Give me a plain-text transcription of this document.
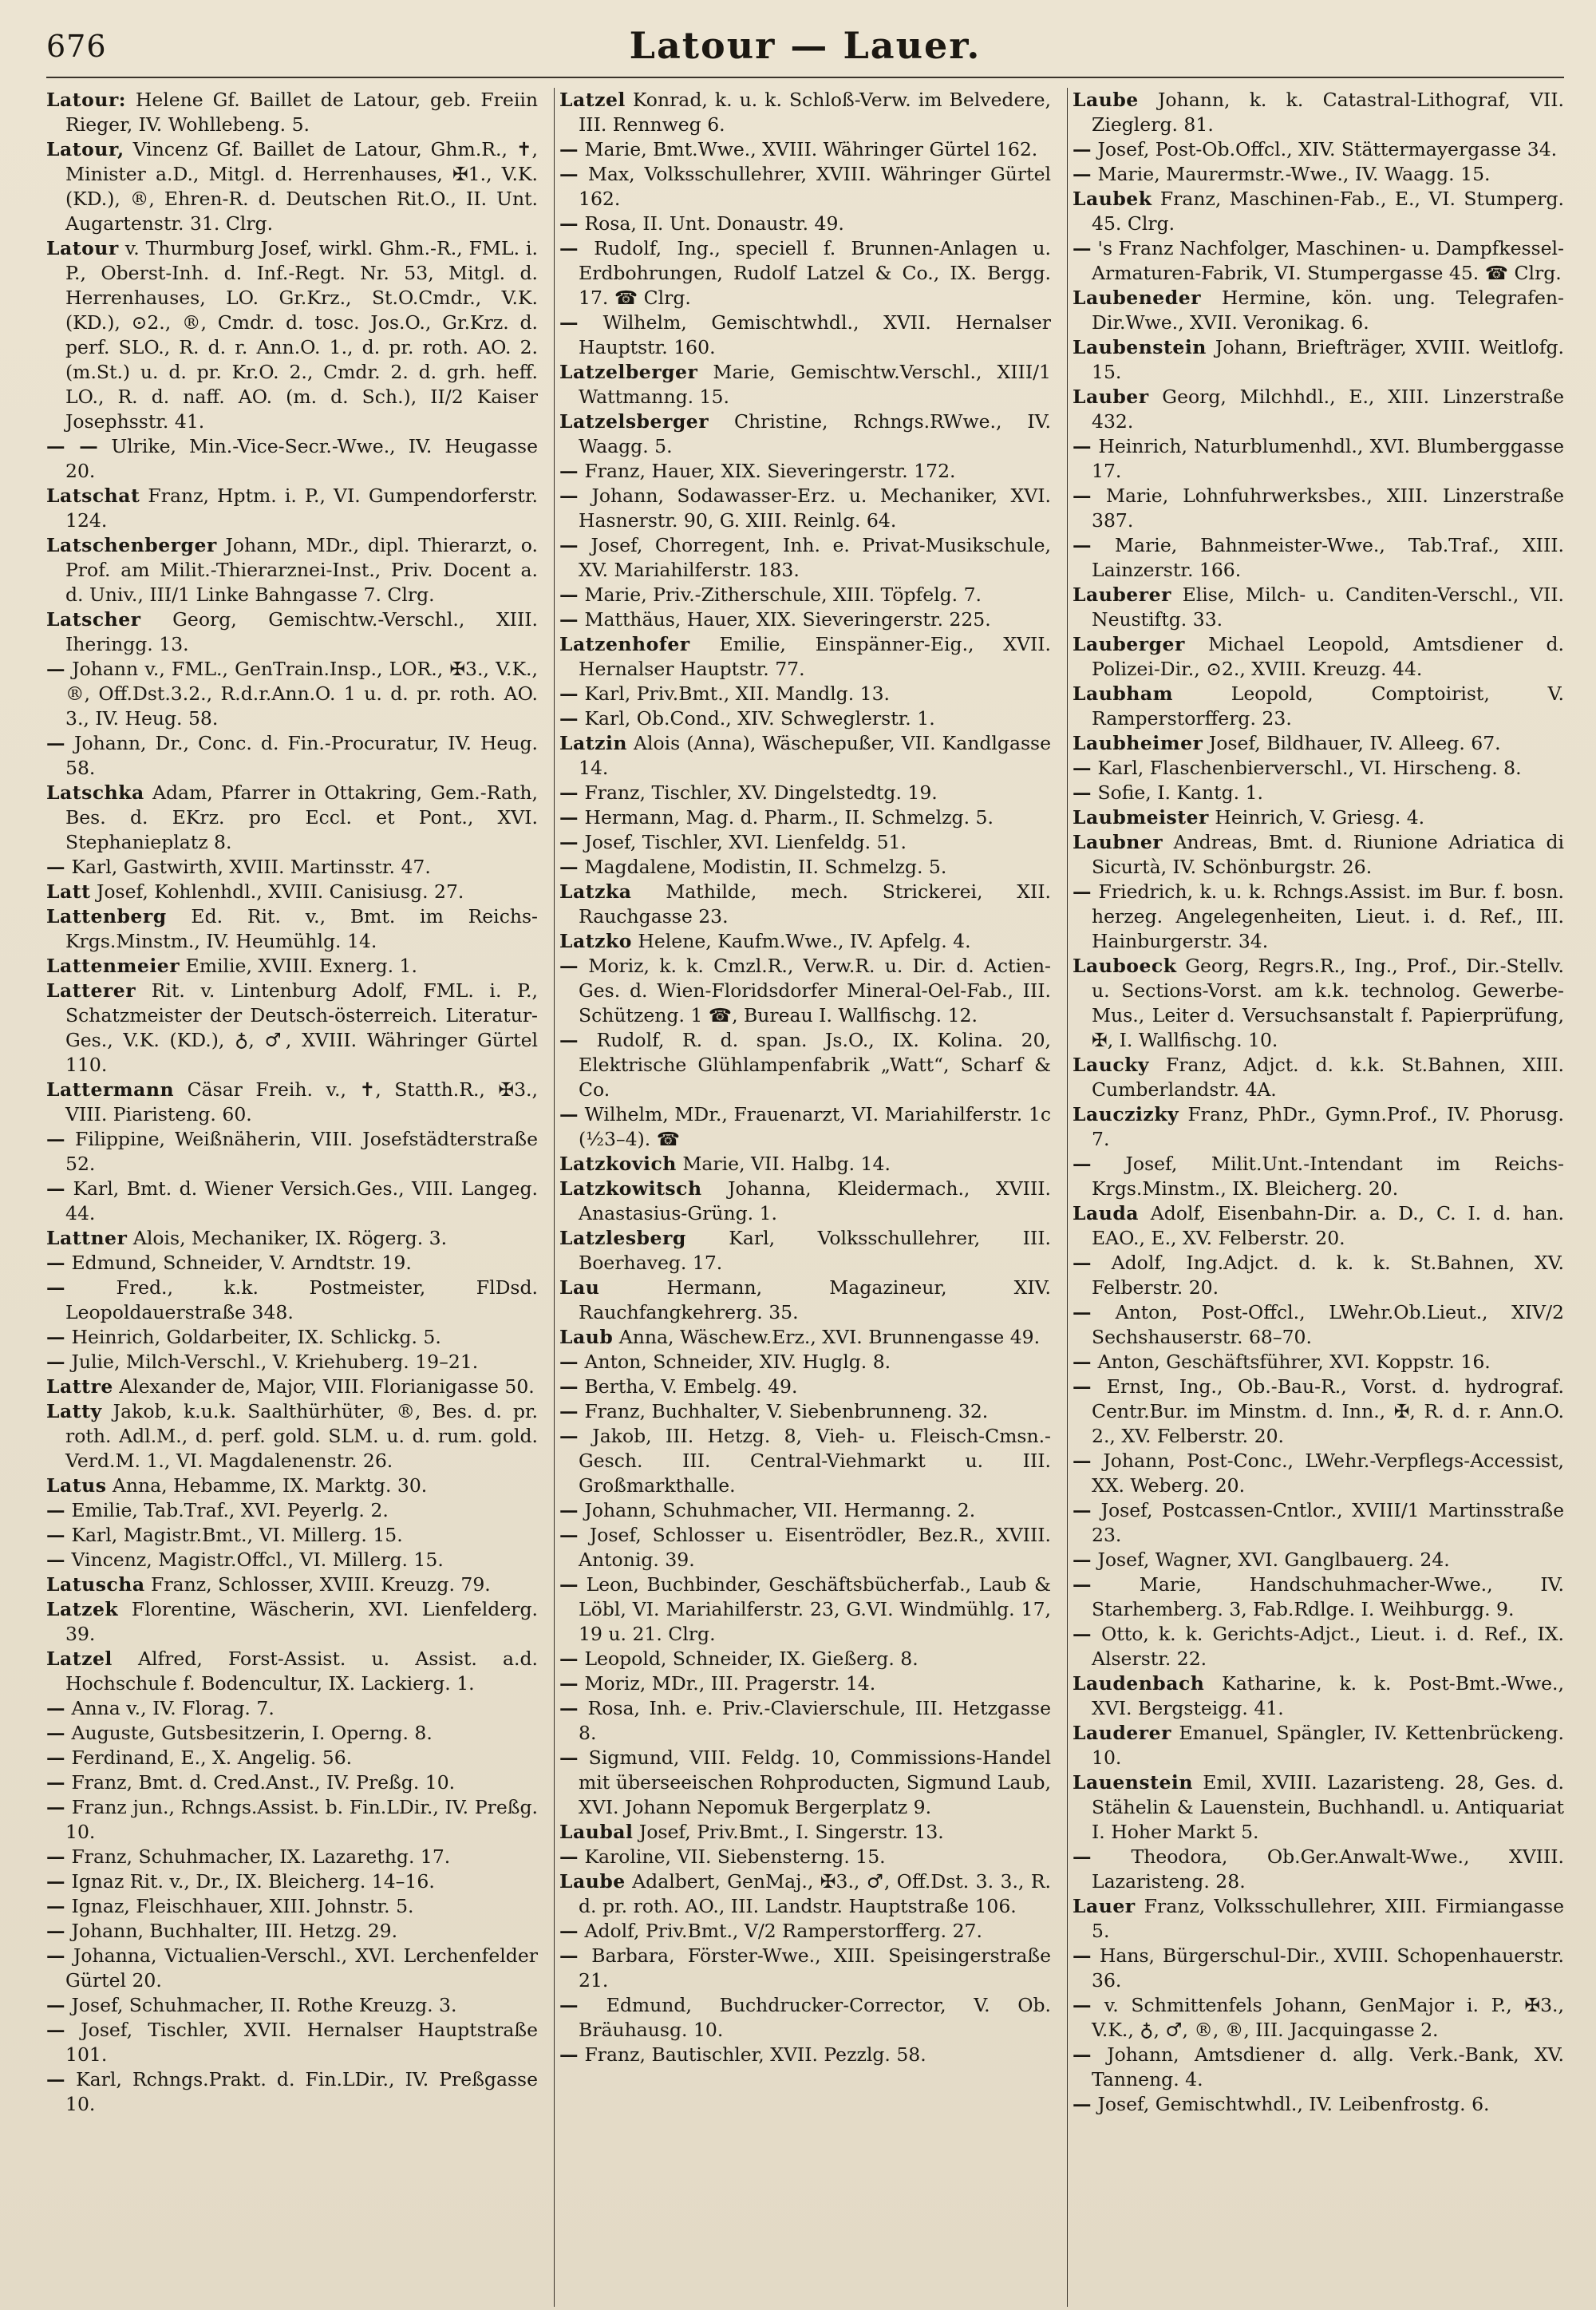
676	Latour — Lauer.

Latour: Helene Gf. Baillet de Latour, geb. Freiin Rieger, IV. Wohllebeng. 5.

Latour, Vincenz Gf. Baillet de Latour, Ghm.R., ✝, Minister a.D., Mitgl. d. Herrenhauses, ✠1., V.K. (KD.), ®, Ehren-R. d. Deutschen Rit.O., II. Unt. Augartenstr. 31. Clrg.

Latour v. Thurmburg Josef, wirkl. Ghm.-R., FML. i. P., Oberst-Inh. d. Inf.-Regt. Nr. 53, Mitgl. d. Herrenhauses, LO. Gr.Krz., St.O.Cmdr., V.K. (KD.), ⊙2., ®, Cmdr. d. tosc. Jos.O., Gr.Krz. d. perf. SLO., R. d. r. Ann.O. 1., d. pr. roth. AO. 2. (m.St.) u. d. pr. Kr.O. 2., Cmdr. 2. d. grh. heff. LO., R. d. naff. AO. (m. d. Sch.), II/2 Kaiser Josephsstr. 41.

— — Ulrike, Min.-Vice-Secr.-Wwe., IV. Heugasse 20.

Latschat Franz, Hptm. i. P., VI. Gumpendorferstr. 124.

Latschenberger Johann, MDr., dipl. Thierarzt, o. Prof. am Milit.-Thierarznei-Inst., Priv. Docent a. d. Univ., III/1 Linke Bahngasse 7. Clrg.

Latscher Georg, Gemischtw.-Verschl., XIII. Iheringg. 13.

— Johann v., FML., GenTrain.Insp., LOR., ✠3., V.K., ®, Off.Dst.3.2., R.d.r.Ann.O. 1 u. d. pr. roth. AO. 3., IV. Heug. 58.

— Johann, Dr., Conc. d. Fin.-Procuratur, IV. Heug. 58.

Latschka Adam, Pfarrer in Ottakring, Gem.-Rath, Bes. d. EKrz. pro Eccl. et Pont., XVI. Stephanieplatz 8.

— Karl, Gastwirth, XVIII. Martinsstr. 47.

Latt Josef, Kohlenhdl., XVIII. Canisiusg. 27.

Lattenberg Ed. Rit. v., Bmt. im Reichs-Krgs.Minstm., IV. Heumühlg. 14.

Lattenmeier Emilie, XVIII. Exnerg. 1.

Latterer Rit. v. Lintenburg Adolf, FML. i. P., Schatzmeister der Deutsch-österreich. Literatur-Ges., V.K. (KD.), ♁, ♂, XVIII. Währinger Gürtel 110.

Lattermann Cäsar Freih. v., ✝, Statth.R., ✠3., VIII. Piaristeng. 60.

— Filippine, Weißnäherin, VIII. Josefstädterstraße 52.

— Karl, Bmt. d. Wiener Versich.Ges., VIII. Langeg. 44.

Lattner Alois, Mechaniker, IX. Rögerg. 3.

— Edmund, Schneider, V. Arndtstr. 19.

— Fred., k.k. Postmeister, FlDsd. Leopoldauerstraße 348.

— Heinrich, Goldarbeiter, IX. Schlickg. 5.

— Julie, Milch-Verschl., V. Kriehuberg. 19–21.

Lattre Alexander de, Major, VIII. Florianigasse 50.

Latty Jakob, k.u.k. Saalthürhüter, ®, Bes. d. pr. roth. Adl.M., d. perf. gold. SLM. u. d. rum. gold. Verd.M. 1., VI. Magdalenenstr. 26.

Latus Anna, Hebamme, IX. Marktg. 30.

— Emilie, Tab.Traf., XVI. Peyerlg. 2.

— Karl, Magistr.Bmt., VI. Millerg. 15.

— Vincenz, Magistr.Offcl., VI. Millerg. 15.

Latuscha Franz, Schlosser, XVIII. Kreuzg. 79.

Latzek Florentine, Wäscherin, XVI. Lienfelderg. 39.

Latzel Alfred, Forst-Assist. u. Assist. a.d. Hochschule f. Bodencultur, IX. Lackierg. 1.

— Anna v., IV. Florag. 7.

— Auguste, Gutsbesitzerin, I. Operng. 8.

— Ferdinand, E., X. Angelig. 56.

— Franz, Bmt. d. Cred.Anst., IV. Preßg. 10.

— Franz jun., Rchngs.Assist. b. Fin.LDir., IV. Preßg. 10.

— Franz, Schuhmacher, IX. Lazarethg. 17.

— Ignaz Rit. v., Dr., IX. Bleicherg. 14–16.

— Ignaz, Fleischhauer, XIII. Johnstr. 5.

— Johann, Buchhalter, III. Hetzg. 29.

— Johanna, Victualien-Verschl., XVI. Lerchenfelder Gürtel 20.

— Josef, Schuhmacher, II. Rothe Kreuzg. 3.

— Josef, Tischler, XVII. Hernalser Hauptstraße 101.

— Karl, Rchngs.Prakt. d. Fin.LDir., IV. Preßgasse 10.

Latzel Konrad, k. u. k. Schloß-Verw. im Belvedere, III. Rennweg 6.

— Marie, Bmt.Wwe., XVIII. Währinger Gürtel 162.

— Max, Volksschullehrer, XVIII. Währinger Gürtel 162.

— Rosa, II. Unt. Donaustr. 49.

— Rudolf, Ing., speciell f. Brunnen-Anlagen u. Erdbohrungen, Rudolf Latzel & Co., IX. Bergg. 17. ☎ Clrg.

— Wilhelm, Gemischtwhdl., XVII. Hernalser Hauptstr. 160.

Latzelberger Marie, Gemischtw.Verschl., XIII/1 Wattmanng. 15.

Latzelsberger Christine, Rchngs.RWwe., IV. Waagg. 5.

— Franz, Hauer, XIX. Sieveringerstr. 172.

— Johann, Sodawasser-Erz. u. Mechaniker, XVI. Hasnerstr. 90, G. XIII. Reinlg. 64.

— Josef, Chorregent, Inh. e. Privat-Musikschule, XV. Mariahilferstr. 183.

— Marie, Priv.-Zitherschule, XIII. Töpfelg. 7.

— Matthäus, Hauer, XIX. Sieveringerstr. 225.

Latzenhofer Emilie, Einspänner-Eig., XVII. Hernalser Hauptstr. 77.

— Karl, Priv.Bmt., XII. Mandlg. 13.

— Karl, Ob.Cond., XIV. Schweglerstr. 1.

Latzin Alois (Anna), Wäschepußer, VII. Kandlgasse 14.

— Franz, Tischler, XV. Dingelstedtg. 19.

— Hermann, Mag. d. Pharm., II. Schmelzg. 5.

— Josef, Tischler, XVI. Lienfeldg. 51.

— Magdalene, Modistin, II. Schmelzg. 5.

Latzka Mathilde, mech. Strickerei, XII. Rauchgasse 23.

Latzko Helene, Kaufm.Wwe., IV. Apfelg. 4.

— Moriz, k. k. Cmzl.R., Verw.R. u. Dir. d. Actien-Ges. d. Wien-Floridsdorfer Mineral-Oel-Fab., III. Schützeng. 1 ☎, Bureau I. Wallfischg. 12.

— Rudolf, R. d. span. Js.O., IX. Kolina. 20, Elektrische Glühlampenfabrik „Watt“, Scharf & Co.

— Wilhelm, MDr., Frauenarzt, VI. Mariahilferstr. 1c (½3–4). ☎

Latzkovich Marie, VII. Halbg. 14.

Latzkowitsch Johanna, Kleidermach., XVIII. Anastasius-Grüng. 1.

Latzlesberg Karl, Volksschullehrer, III. Boerhaveg. 17.

Lau Hermann, Magazineur, XIV. Rauchfangkehrerg. 35.

Laub Anna, Wäschew.Erz., XVI. Brunnengasse 49.

— Anton, Schneider, XIV. Huglg. 8.

— Bertha, V. Embelg. 49.

— Franz, Buchhalter, V. Siebenbrunneng. 32.

— Jakob, III. Hetzg. 8, Vieh- u. Fleisch-Cmsn.-Gesch. III. Central-Viehmarkt u. III. Großmarkthalle.

— Johann, Schuhmacher, VII. Hermanng. 2.

— Josef, Schlosser u. Eisentrödler, Bez.R., XVIII. Antonig. 39.

— Leon, Buchbinder, Geschäftsbücherfab., Laub & Löbl, VI. Mariahilferstr. 23, G.VI. Windmühlg. 17, 19 u. 21. Clrg.

— Leopold, Schneider, IX. Gießerg. 8.

— Moriz, MDr., III. Pragerstr. 14.

— Rosa, Inh. e. Priv.-Clavierschule, III. Hetzgasse 8.

— Sigmund, VIII. Feldg. 10, Commissions-Handel mit überseeischen Rohproducten, Sigmund Laub, XVI. Johann Nepomuk Bergerplatz 9.

Laubal Josef, Priv.Bmt., I. Singerstr. 13.

— Karoline, VII. Siebensterng. 15.

Laube Adalbert, GenMaj., ✠3., ♂, Off.Dst. 3. 3., R. d. pr. roth. AO., III. Landstr. Hauptstraße 106.

— Adolf, Priv.Bmt., V/2 Ramperstorfferg. 27.

— Barbara, Förster-Wwe., XIII. Speisingerstraße 21.

— Edmund, Buchdrucker-Corrector, V. Ob. Bräuhausg. 10.

— Franz, Bautischler, XVII. Pezzlg. 58.

Laube Johann, k. k. Catastral-Lithograf, VII. Zieglerg. 81.

— Josef, Post-Ob.Offcl., XIV. Stättermayergasse 34.

— Marie, Maurermstr.-Wwe., IV. Waagg. 15.

Laubek Franz, Maschinen-Fab., E., VI. Stumperg. 45. Clrg.

— 's Franz Nachfolger, Maschinen- u. Dampfkessel-Armaturen-Fabrik, VI. Stumpergasse 45. ☎ Clrg.

Laubeneder Hermine, kön. ung. Telegrafen-Dir.Wwe., XVII. Veronikag. 6.

Laubenstein Johann, Briefträger, XVIII. Weitlofg. 15.

Lauber Georg, Milchhdl., E., XIII. Linzerstraße 432.

— Heinrich, Naturblumenhdl., XVI. Blumberggasse 17.

— Marie, Lohnfuhrwerksbes., XIII. Linzerstraße 387.

— Marie, Bahnmeister-Wwe., Tab.Traf., XIII. Lainzerstr. 166.

Lauberer Elise, Milch- u. Canditen-Verschl., VII. Neustiftg. 33.

Lauberger Michael Leopold, Amtsdiener d. Polizei-Dir., ⊙2., XVIII. Kreuzg. 44.

Laubham Leopold, Comptoirist, V. Ramperstorfferg. 23.

Laubheimer Josef, Bildhauer, IV. Alleeg. 67.

— Karl, Flaschenbierverschl., VI. Hirscheng. 8.

— Sofie, I. Kantg. 1.

Laubmeister Heinrich, V. Griesg. 4.

Laubner Andreas, Bmt. d. Riunione Adriatica di Sicurtà, IV. Schönburgstr. 26.

— Friedrich, k. u. k. Rchngs.Assist. im Bur. f. bosn. herzeg. Angelegenheiten, Lieut. i. d. Ref., III. Hainburgerstr. 34.

Lauboeck Georg, Regrs.R., Ing., Prof., Dir.-Stellv. u. Sections-Vorst. am k.k. technolog. Gewerbe-Mus., Leiter d. Versuchsanstalt f. Papierprüfung, ✠, I. Wallfischg. 10.

Laucky Franz, Adjct. d. k.k. St.Bahnen, XIII. Cumberlandstr. 4A.

Lauczizky Franz, PhDr., Gymn.Prof., IV. Phorusg. 7.

— Josef, Milit.Unt.-Intendant im Reichs-Krgs.Minstm., IX. Bleicherg. 20.

Lauda Adolf, Eisenbahn-Dir. a. D., C. I. d. han. EAO., E., XV. Felberstr. 20.

— Adolf, Ing.Adjct. d. k. k. St.Bahnen, XV. Felberstr. 20.

— Anton, Post-Offcl., LWehr.Ob.Lieut., XIV/2 Sechshauserstr. 68–70.

— Anton, Geschäftsführer, XVI. Koppstr. 16.

— Ernst, Ing., Ob.-Bau-R., Vorst. d. hydrograf. Centr.Bur. im Minstm. d. Inn., ✠, R. d. r. Ann.O. 2., XV. Felberstr. 20.

— Johann, Post-Conc., LWehr.-Verpflegs-Accessist, XX. Weberg. 20.

— Josef, Postcassen-Cntlor., XVIII/1 Martinsstraße 23.

— Josef, Wagner, XVI. Ganglbauerg. 24.

— Marie, Handschuhmacher-Wwe., IV. Starhemberg. 3, Fab.Rdlge. I. Weihburgg. 9.

— Otto, k. k. Gerichts-Adjct., Lieut. i. d. Ref., IX. Alserstr. 22.

Laudenbach Katharine, k. k. Post-Bmt.-Wwe., XVI. Bergsteigg. 41.

Lauderer Emanuel, Spängler, IV. Kettenbrückeng. 10.

Lauenstein Emil, XVIII. Lazaristeng. 28, Ges. d. Stähelin & Lauenstein, Buchhandl. u. Antiquariat I. Hoher Markt 5.

— Theodora, Ob.Ger.Anwalt-Wwe., XVIII. Lazaristeng. 28.

Lauer Franz, Volksschullehrer, XIII. Firmiangasse 5.

— Hans, Bürgerschul-Dir., XVIII. Schopenhauerstr. 36.

— v. Schmittenfels Johann, GenMajor i. P., ✠3., V.K., ♁, ♂, ®, ®, III. Jacquingasse 2.

— Johann, Amtsdiener d. allg. Verk.-Bank, XV. Tanneng. 4.

— Josef, Gemischtwhdl., IV. Leibenfrostg. 6.
